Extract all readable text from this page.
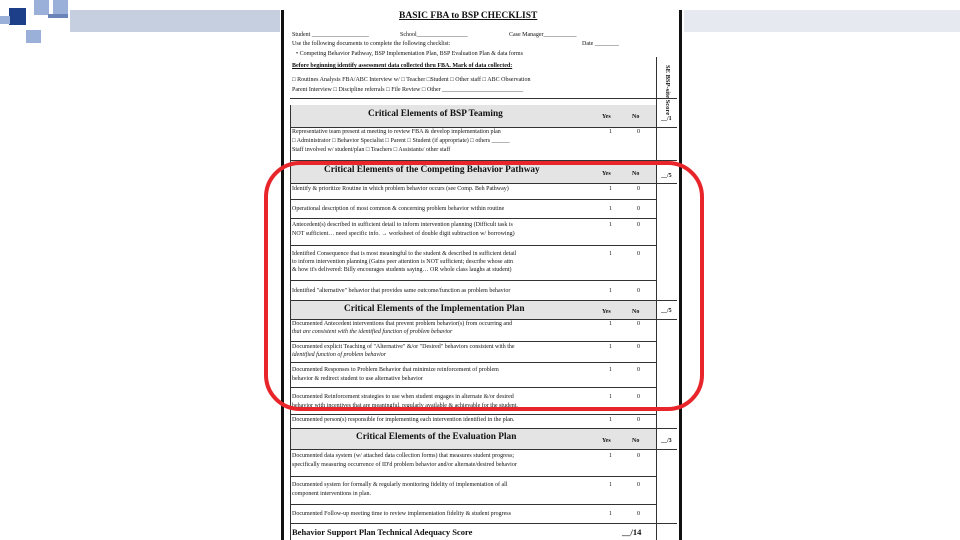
BASIC FBA to BSP CHECKLIST
Student ___________________	School_________________	Case Manager___________
Use the following documents to complete the following checklist:	Date ________
• Competing Behavior Pathway, BSP Implementation Plan, BSP Evaluation Plan & data forms
Before beginning identify assessment data collected thru FBA. Mark of data collected:
□ Routines Analysis FBA/ABC Interview w/ □ Teacher □Student □ Other staff □ ABC Observation
Parent Interview □ Discipline referrals □ File Review □ Other ___________________________	SE BSP-site Score
Critical Elements of BSP Teaming	Yes	No	__/1
Representative team present at meeting to review FBA & develop implementation plan
□ Administrator □ Behavior Specialist □ Parent □ Student (if appropriate) □ others ______
Staff involved w/ student/plan □ Teachers □ Assistants/ other staff
1	0
Critical Elements of the Competing Behavior Pathway	Yes	No	__/5
Identify & prioritize Routine in which problem behavior occurs (see Comp. Beh Pathway)	1	0
Operational description of most common & concerning problem behavior within routine	1	0
Antecedent(s) described in sufficient detail to inform intervention planning (Difficult task is
NOT sufficient… need specific info. → worksheet of double digit subtraction w/ borrowing)
1	0
Identified Consequence that is most meaningful to the student & described in sufficient detail
to inform intervention planning (Gains peer attention is NOT sufficient; describe whose attn
& how it's delivered: Billy encourages students saying… OR whole class laughs at student)
1	0
Identified "alternative" behavior that provides same outcome/function as problem behavior	1	0
Critical Elements of the Implementation Plan	Yes	No	__/5
Documented Antecedent interventions that prevent problem behavior(s) from occurring and
that are consistent with the identified function of problem behavior
1	0
Documented explicit Teaching of "Alternative" &/or "Desired" behaviors consistent with the
identified function of problem behavior
1	0
Documented Responses to Problem Behavior that minimize reinforcement of problem
behavior & redirect student to use alternative behavior
1	0
Documented Reinforcement strategies to use when student engages in alternate &/or desired
behavior with incentives that are meaningful, regularly available & achievable for the student.
1	0
Documented person(s) responsible for implementing each intervention identified in the plan.	1	0
Critical Elements of the Evaluation Plan	Yes	No	__/3
Documented data system (w/ attached data collection forms) that measures student progress;
specifically measuring occurrence of ID'd problem behavior and/or alternate/desired behavior
1	0
Documented system for formally & regularly monitoring fidelity of implementation of all
component interventions in plan.
1	0
Documented Follow-up meeting time to review implementation fidelity & student progress	1	0
Behavior Support Plan Technical Adequacy Score	__/14
